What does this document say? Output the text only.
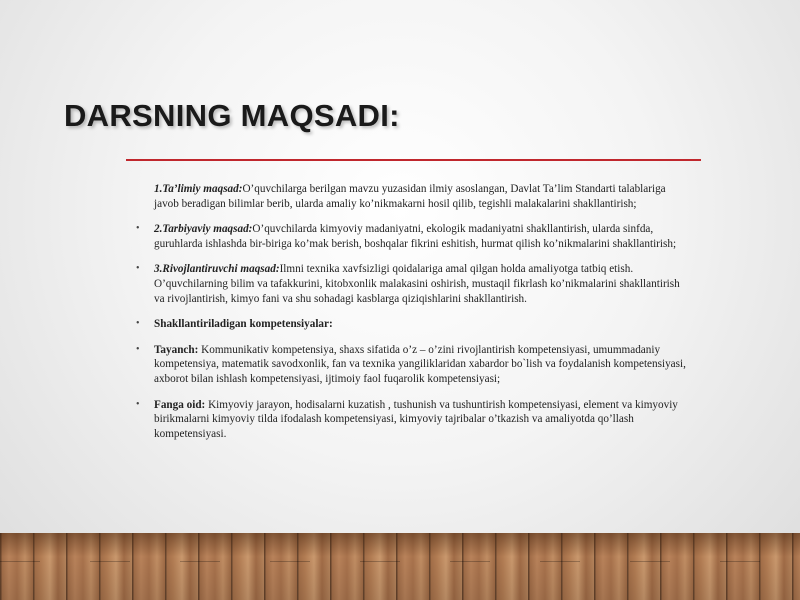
DARSNING MAQSADI:
1.Ta’limiy maqsad:O’quvchilarga berilgan mavzu yuzasidan ilmiy asoslangan, Davlat Ta’lim Standarti talablariga javob beradigan bilimlar berib, ularda amaliy ko’nikmakarni hosil qilib, tegishli malakalarini shakllantirish;
• 2.Tarbiyaviy maqsad:O’quvchilarda kimyoviy madaniyatni, ekologik madaniyatni shakllantirish, ularda sinfda, guruhlarda ishlashda bir-biriga ko’mak berish, boshqalar fikrini eshitish, hurmat qilish ko’nikmalarini shakllantirish;
• 3.Rivojlantiruvchi maqsad:Ilmni texnika xavfsizligi qoidalariga amal qilgan holda amaliyotga tatbiq etish. O’quvchilarning bilim va tafakkurini, kitobxonlik malakasini oshirish, mustaqil fikrlash ko’nikmalarini shakllantirish va rivojlantirish, kimyo fani va shu sohadagi kasblarga qiziqishlarini shakllantirish.
• Shakllantiriladigan kompetensiyalar:
• Tayanch: Kommunikativ kompetensiya, shaxs sifatida o’z – o’zini rivojlantirish kompetensiyasi, umummadaniy kompetensiya, matematik savodxonlik, fan va texnika yangiliklaridan xabardor bo`lish va foydalanish kompetensiyasi, axborot bilan ishlash kompetensiyasi, ijtimoiy faol fuqarolik kompetensiyasi;
• Fanga oid: Kimyoviy jarayon, hodisalarni kuzatish , tushunish va tushuntirish kompetensiyasi, element va kimyoviy birikmalarni kimyoviy tilda ifodalash kompetensiyasi, kimyoviy tajribalar o’tkazish va amaliyotda qo’llash kompetensiyasi.
